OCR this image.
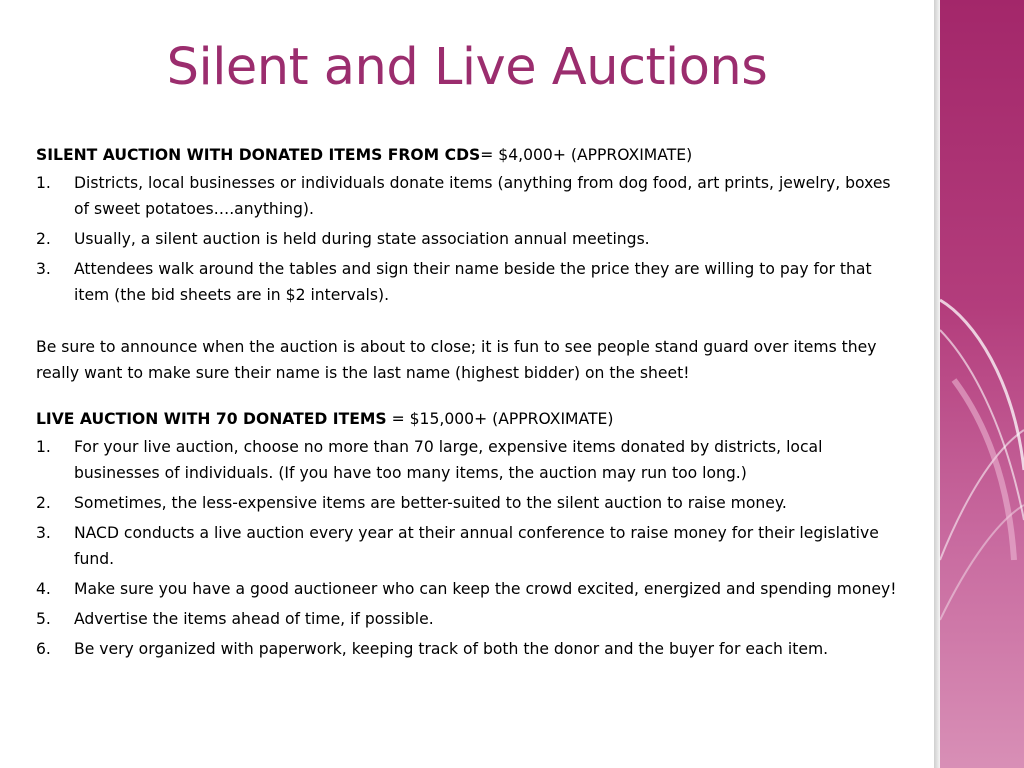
Silent and Live Auctions
SILENT AUCTION WITH DONATED ITEMS FROM CDS= $4,000+ (APPROXIMATE)
1. Districts, local businesses or individuals donate items (anything from dog food, art prints, jewelry, boxes of sweet potatoes….anything).
2. Usually, a silent auction is held during state association annual meetings.
3. Attendees walk around the tables and sign their name beside the price they are willing to pay for that item (the bid sheets are in $2 intervals).
Be sure to announce when the auction is about to close; it is fun to see people stand guard over items they really want to make sure their name is the last name (highest bidder) on the sheet!
LIVE AUCTION WITH 70 DONATED ITEMS = $15,000+ (APPROXIMATE)
1. For your live auction, choose no more than 70 large, expensive items donated by districts, local businesses of individuals. (If you have too many items, the auction may run too long.)
2. Sometimes, the less-expensive items are better-suited to the silent auction to raise money.
3. NACD conducts a live auction every year at their annual conference to raise money for their legislative fund.
4. Make sure you have a good auctioneer who can keep the crowd excited, energized and spending money!
5. Advertise the items ahead of time, if possible.
6. Be very organized with paperwork, keeping track of both the donor and the buyer for each item.
